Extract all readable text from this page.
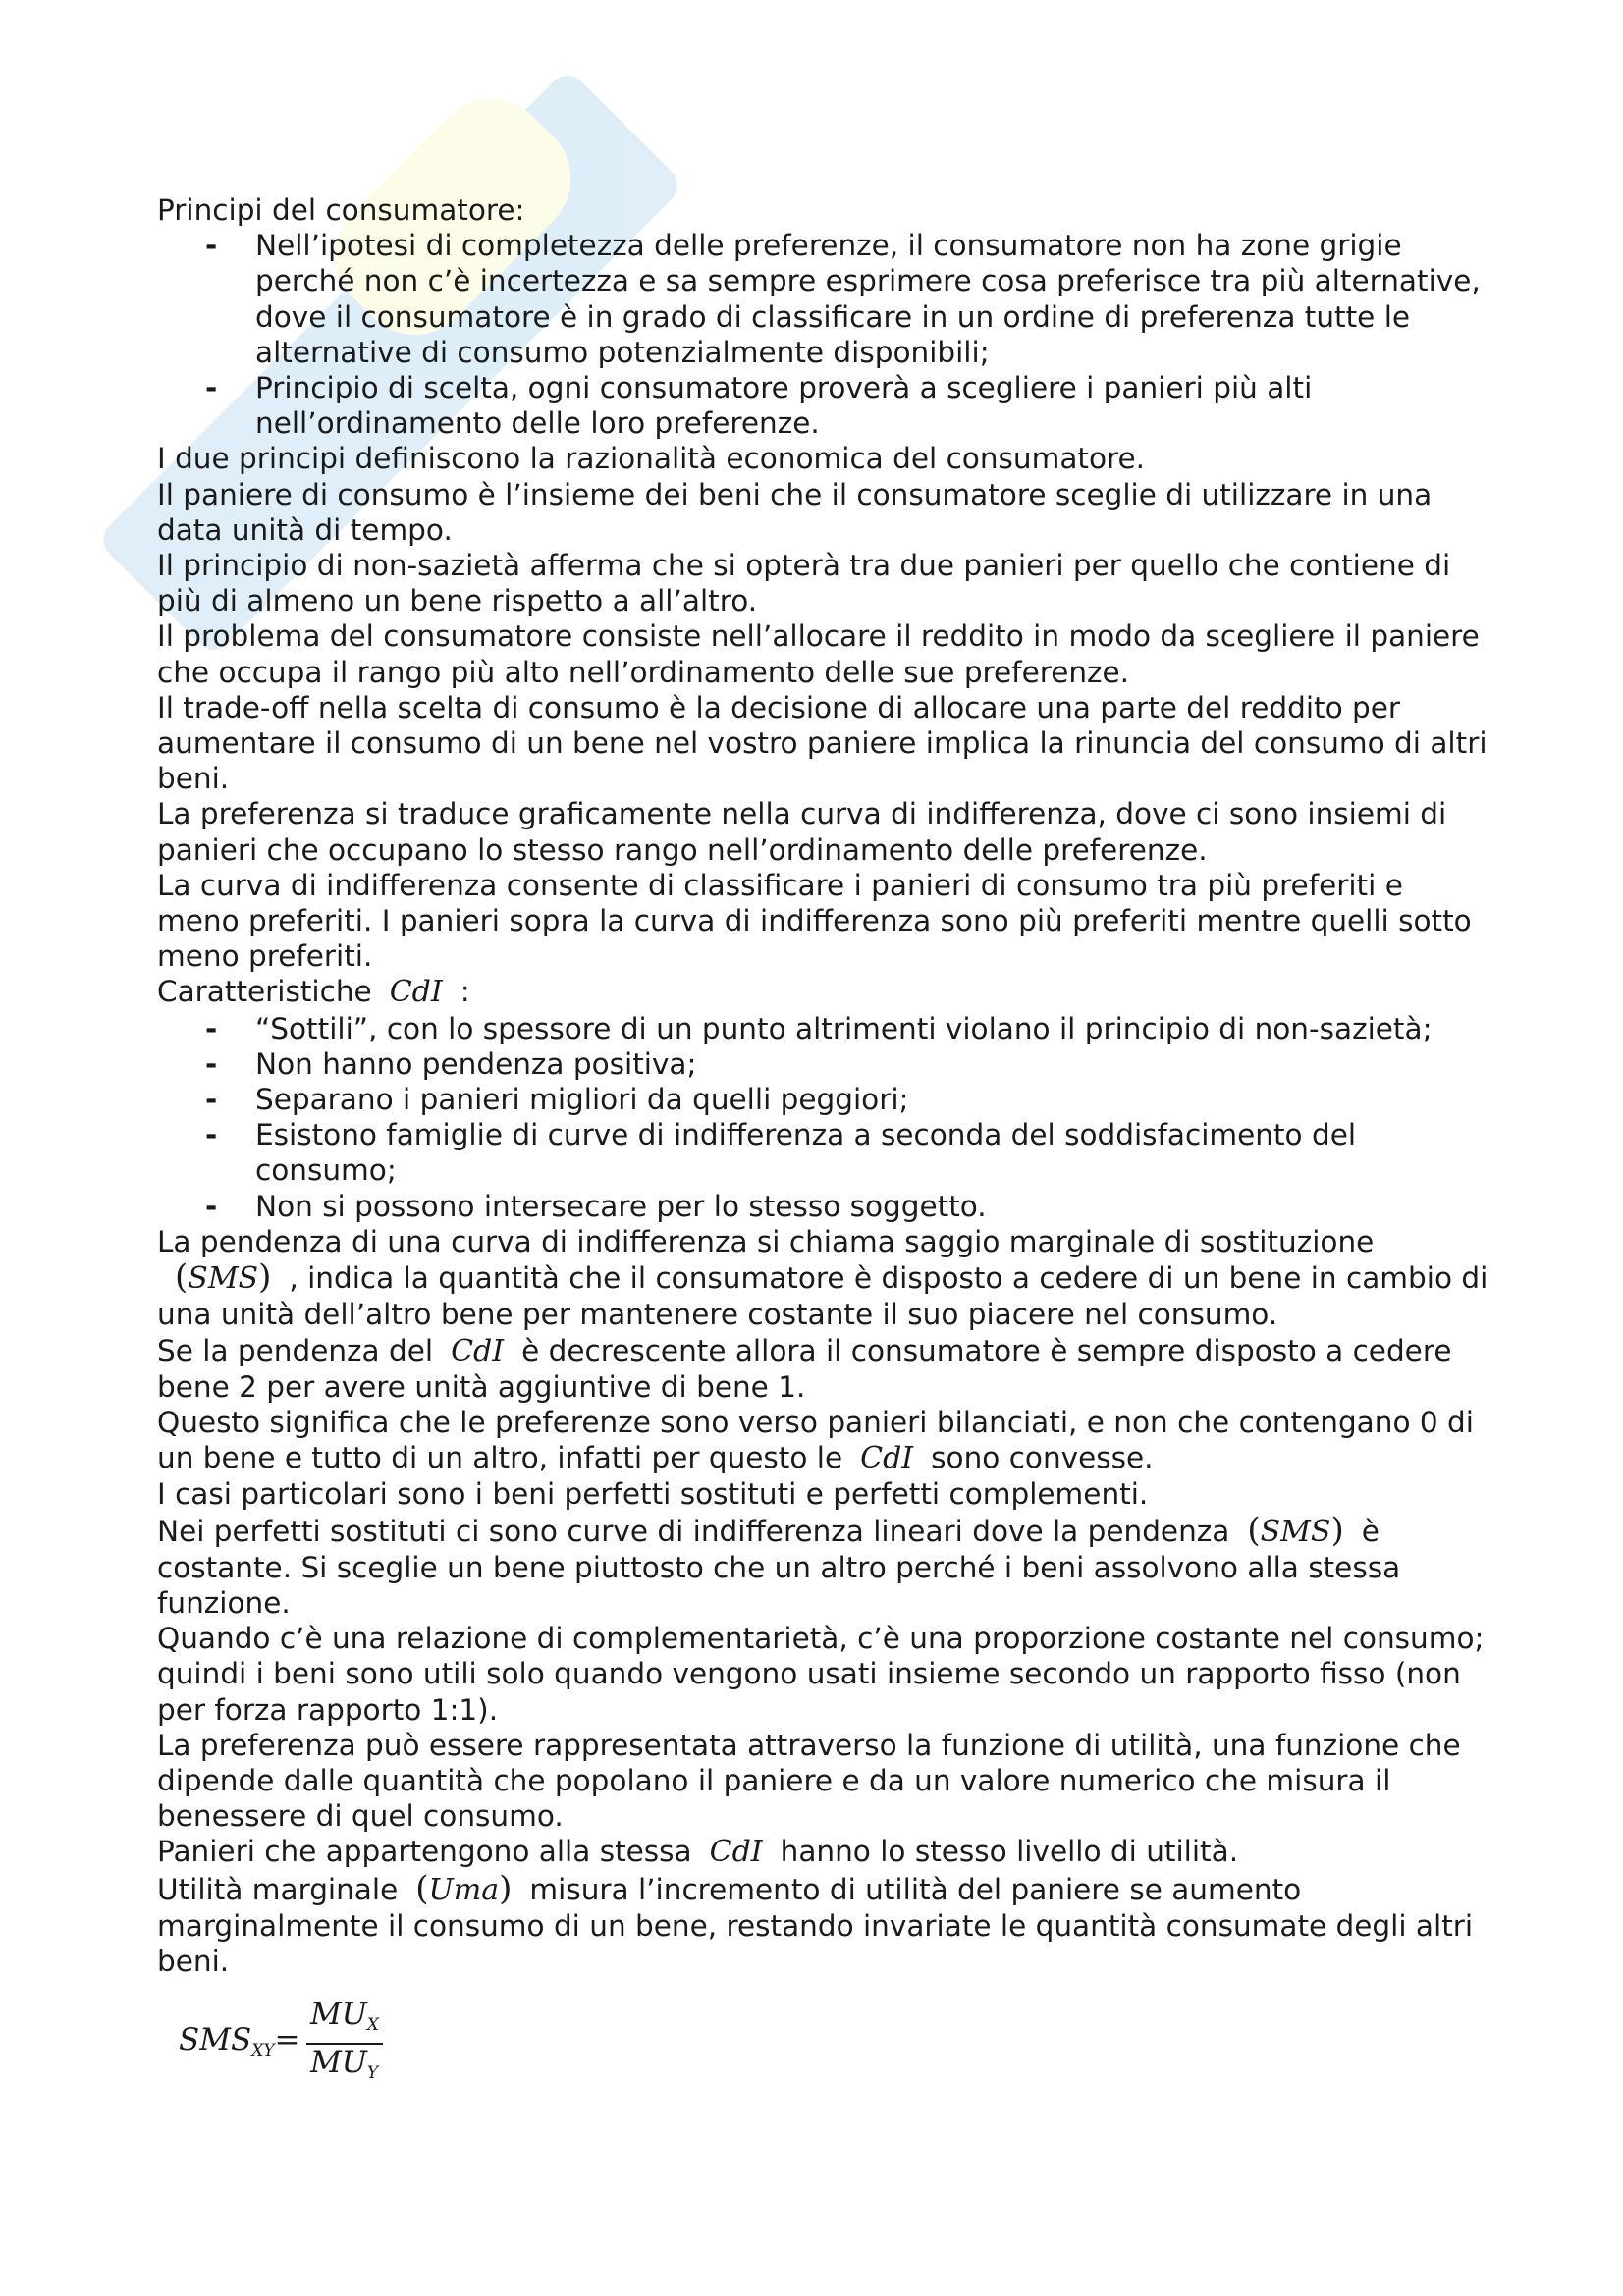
Principi del consumatore:

- Nell’ipotesi di completezza delle preferenze, il consumatore non ha zone grigie perché non c’è incertezza e sa sempre esprimere cosa preferisce tra più alternative, dove il consumatore è in grado di classificare in un ordine di preferenza tutte le alternative di consumo potenzialmente disponibili;
- Principio di scelta, ogni consumatore proverà a scegliere i panieri più alti nell’ordinamento delle loro preferenze.

I due principi definiscono la razionalità economica del consumatore.

Il paniere di consumo è l’insieme dei beni che il consumatore sceglie di utilizzare in una data unità di tempo.

Il principio di non-sazietà afferma che si opterà tra due panieri per quello che contiene di più di almeno un bene rispetto a all’altro.

Il problema del consumatore consiste nell’allocare il reddito in modo da scegliere il paniere che occupa il rango più alto nell’ordinamento delle sue preferenze.

Il trade-off nella scelta di consumo è la decisione di allocare una parte del reddito per aumentare il consumo di un bene nel vostro paniere implica la rinuncia del consumo di altri beni.

La preferenza si traduce graficamente nella curva di indifferenza, dove ci sono insiemi di panieri che occupano lo stesso rango nell’ordinamento delle preferenze.

La curva di indifferenza consente di classificare i panieri di consumo tra più preferiti e meno preferiti. I panieri sopra la curva di indifferenza sono più preferiti mentre quelli sotto meno preferiti.

Caratteristiche CdI :

- “Sottili”, con lo spessore di un punto altrimenti violano il principio di non-sazietà;
- Non hanno pendenza positiva;
- Separano i panieri migliori da quelli peggiori;
- Esistono famiglie di curve di indifferenza a seconda del soddisfacimento del consumo;
- Non si possono intersecare per lo stesso soggetto.

La pendenza di una curva di indifferenza si chiama saggio marginale di sostituzione (SMS) , indica la quantità che il consumatore è disposto a cedere di un bene in cambio di una unità dell’altro bene per mantenere costante il suo piacere nel consumo.

Se la pendenza del CdI è decrescente allora il consumatore è sempre disposto a cedere bene 2 per avere unità aggiuntive di bene 1.

Questo significa che le preferenze sono verso panieri bilanciati, e non che contengano 0 di un bene e tutto di un altro, infatti per questo le CdI sono convesse.

I casi particolari sono i beni perfetti sostituti e perfetti complementi.

Nei perfetti sostituti ci sono curve di indifferenza lineari dove la pendenza (SMS) è costante. Si sceglie un bene piuttosto che un altro perché i beni assolvono alla stessa funzione.

Quando c’è una relazione di complementarietà, c’è una proporzione costante nel consumo; quindi i beni sono utili solo quando vengono usati insieme secondo un rapporto fisso (non per forza rapporto 1:1).

La preferenza può essere rappresentata attraverso la funzione di utilità, una funzione che dipende dalle quantità che popolano il paniere e da un valore numerico che misura il benessere di quel consumo.

Panieri che appartengono alla stessa CdI hanno lo stesso livello di utilità.

Utilità marginale (Uma) misura l’incremento di utilità del paniere se aumento marginalmente il consumo di un bene, restando invariate le quantità consumate degli altri beni.

$SMS_{XY}=$
$MU_X$
$MU_Y$
